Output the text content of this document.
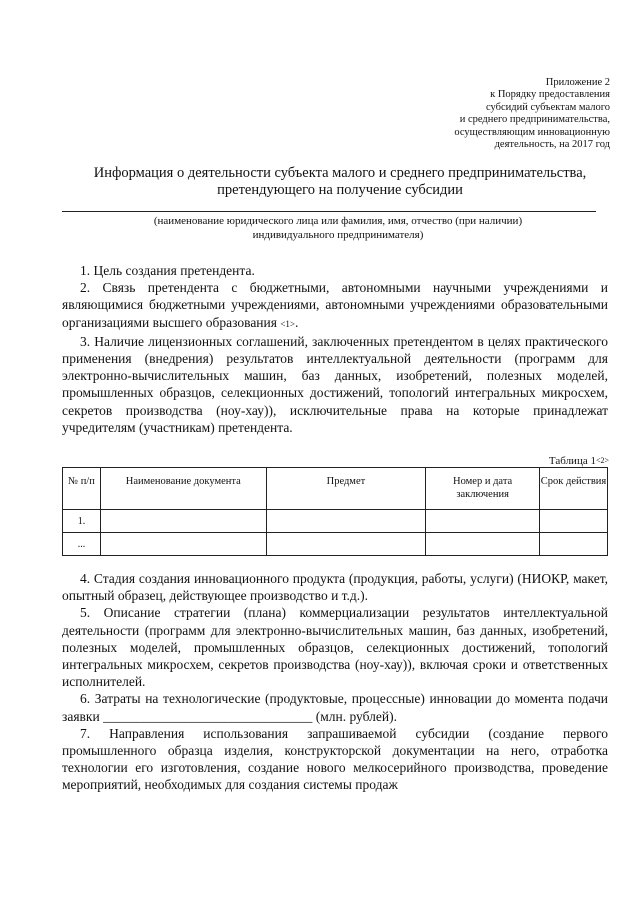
Приложение 2
к Порядку предоставления
субсидий субъектам малого
и среднего предпринимательства,
осуществляющим инновационную
деятельность, на 2017 год
Информация о деятельности субъекта малого и среднего предпринимательства,
претендующего на получение субсидии
(наименование юридического лица или фамилия, имя, отчество (при наличии)
индивидуального предпринимателя)

1. Цель создания претендента.

2. Связь претендента с бюджетными, автономными научными учреждениями и являющимися бюджетными учреждениями, автономными учреждениями образовательными организациями высшего образования <1>.

3. Наличие лицензионных соглашений, заключенных претендентом в целях практического применения (внедрения) результатов интеллектуальной деятельности (программ для электронно-вычислительных машин, баз данных, изобретений, полезных моделей, промышленных образцов, селекционных достижений, топологий интегральных микросхем, секретов производства (ноу-хау)), исключительные права на которые принадлежат учредителям (участникам) претендента.

Таблица $1^{<2>}$
№ п/п	Наименование документа	Предмет	Номер и дата заключения	Срок действия
1.				
...				

4. Стадия создания инновационного продукта (продукция, работы, услуги) (НИОКР, макет, опытный образец, действующее производство и т.д.).

5. Описание стратегии (плана) коммерциализации результатов интеллектуальной деятельности (программ для электронно-вычислительных машин, баз данных, изобретений, полезных моделей, промышленных образцов, селекционных достижений, топологий интегральных микросхем, секретов производства (ноу-хау)), включая сроки и ответственных исполнителей.

6. Затраты на технологические (продуктовые, процессные) инновации до момента подачи заявки _______________________________ (млн. рублей).

7. Направления использования запрашиваемой субсидии (создание первого промышленного образца изделия, конструкторской документации на него, отработка технологии его изготовления, создание нового мелкосерийного производства, проведение мероприятий, необходимых для создания системы продаж
